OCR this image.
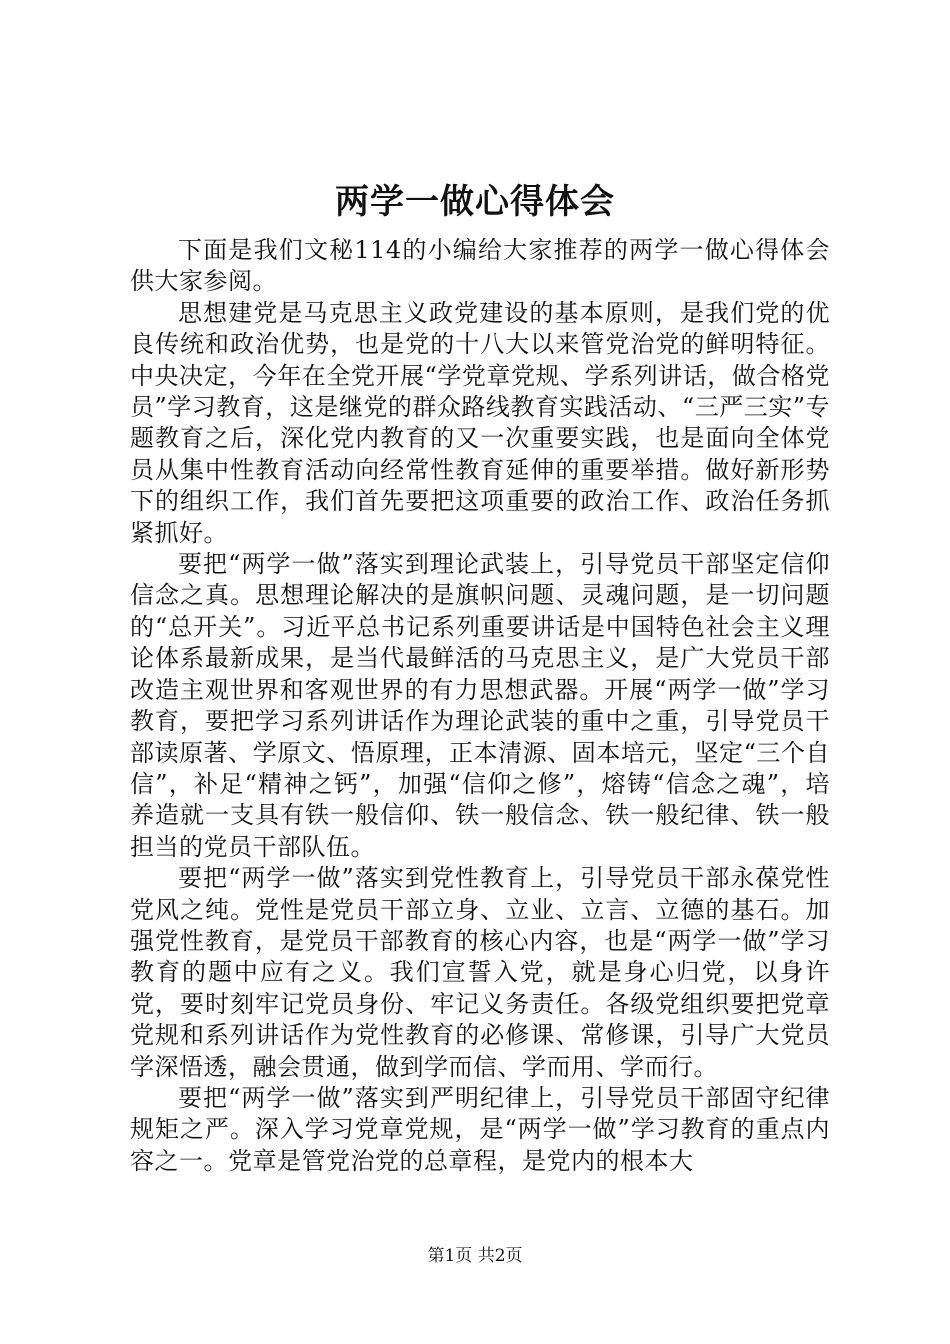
两学一做心得体会

下面是我们文秘114的小编给大家推荐的两学一做心得体会供大家参阅。

思想建党是马克思主义政党建设的基本原则，是我们党的优良传统和政治优势，也是党的十八大以来管党治党的鲜明特征。中央决定，今年在全党开展“学党章党规、学系列讲话，做合格党员”学习教育，这是继党的群众路线教育实践活动、“三严三实”专题教育之后，深化党内教育的又一次重要实践，也是面向全体党员从集中性教育活动向经常性教育延伸的重要举措。做好新形势下的组织工作，我们首先要把这项重要的政治工作、政治任务抓紧抓好。

要把“两学一做”落实到理论武装上，引导党员干部坚定信仰信念之真。思想理论解决的是旗帜问题、灵魂问题，是一切问题的“总开关”。习近平总书记系列重要讲话是中国特色社会主义理论体系最新成果，是当代最鲜活的马克思主义，是广大党员干部改造主观世界和客观世界的有力思想武器。开展“两学一做”学习教育，要把学习系列讲话作为理论武装的重中之重，引导党员干部读原著、学原文、悟原理，正本清源、固本培元，坚定“三个自信”，补足“精神之钙”，加强“信仰之修”，熔铸“信念之魂”，培养造就一支具有铁一般信仰、铁一般信念、铁一般纪律、铁一般担当的党员干部队伍。

要把“两学一做”落实到党性教育上，引导党员干部永葆党性党风之纯。党性是党员干部立身、立业、立言、立德的基石。加强党性教育，是党员干部教育的核心内容，也是“两学一做”学习教育的题中应有之义。我们宣誓入党，就是身心归党，以身许党，要时刻牢记党员身份、牢记义务责任。各级党组织要把党章党规和系列讲话作为党性教育的必修课、常修课，引导广大党员学深悟透，融会贯通，做到学而信、学而用、学而行。

要把“两学一做”落实到严明纪律上，引导党员干部固守纪律规矩之严。深入学习党章党规，是“两学一做”学习教育的重点内容之一。党章是管党治党的总章程，是党内的根本大

第1页 共2页
